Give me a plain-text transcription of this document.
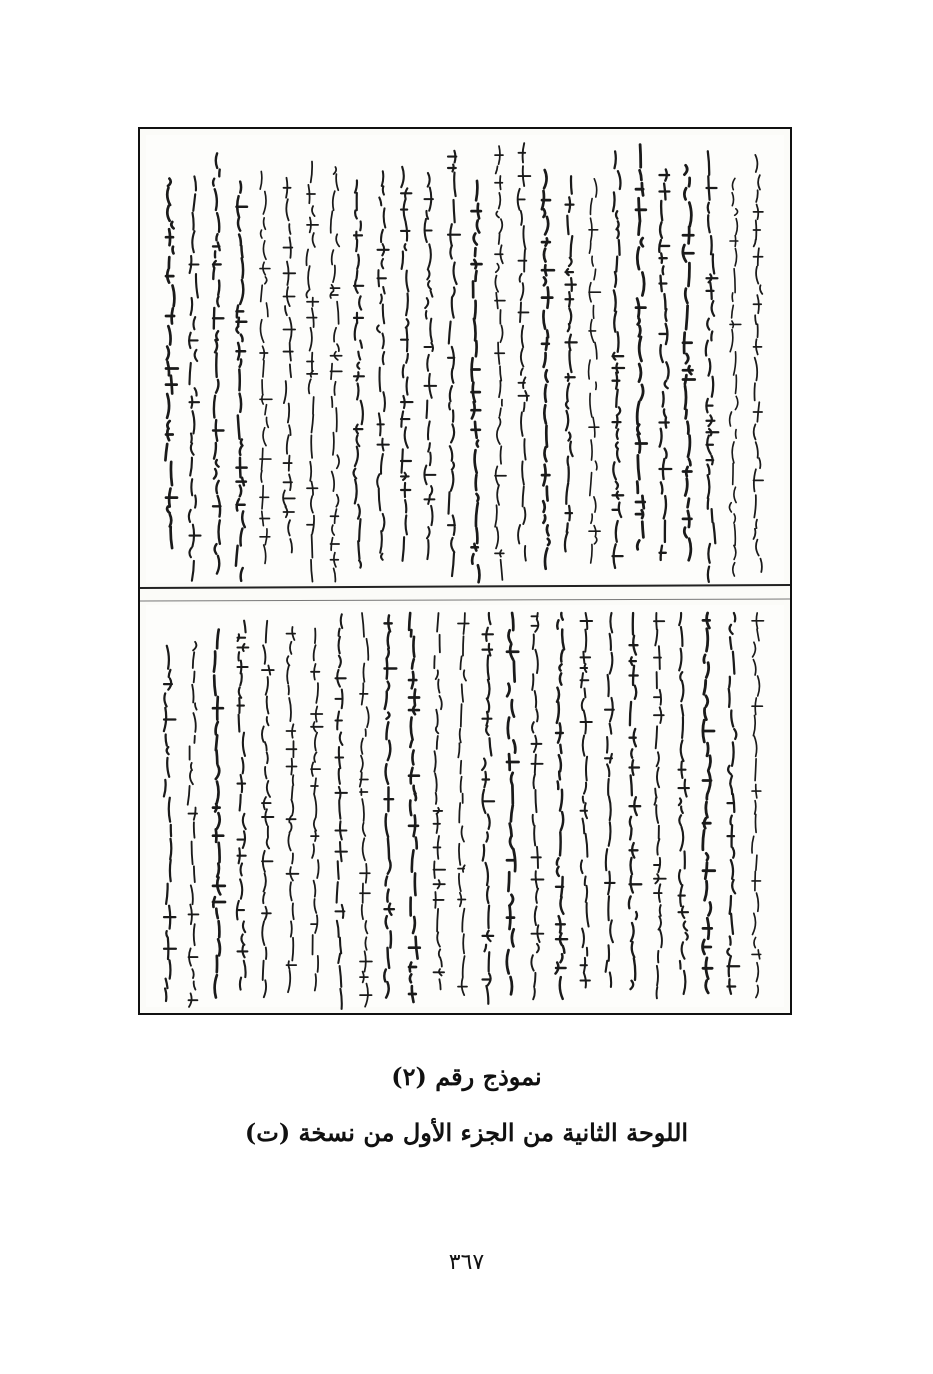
نموذج رقم (٢)
اللوحة الثانية من الجزء الأول من نسخة (ت)
٣٦٧
